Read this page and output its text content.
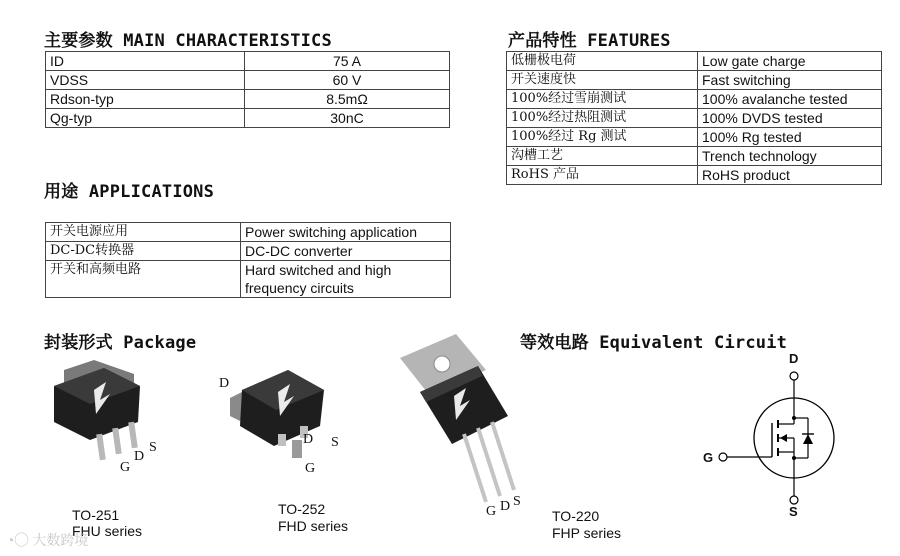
主要参数 MAIN CHARACTERISTICS
ID	75 A
VDSS	60 V
Rdson-typ	8.5mΩ
Qg-typ	30nC
产品特性 FEATURES
低栅极电荷	Low gate charge
开关速度快	Fast switching
100%经过雪崩测试	100% avalanche tested
100%经过热阻测试	100% DVDS tested
100%经过 Rg 测试	100% Rg tested
沟槽工艺	Trench technology
RoHS 产品	RoHS product
用途 APPLICATIONS
开关电源应用	Power switching application
DC-DC转换器	DC-DC converter
开关和高频电路	Hard switched and high frequency circuits
封装形式 Package
G
D
S
TO-251
FHU series
D
D S
G
TO-252
FHD series
G D S
TO-220
FHP series
等效电路 Equivalent Circuit
D
G
S
◔◯ 大数跨境
